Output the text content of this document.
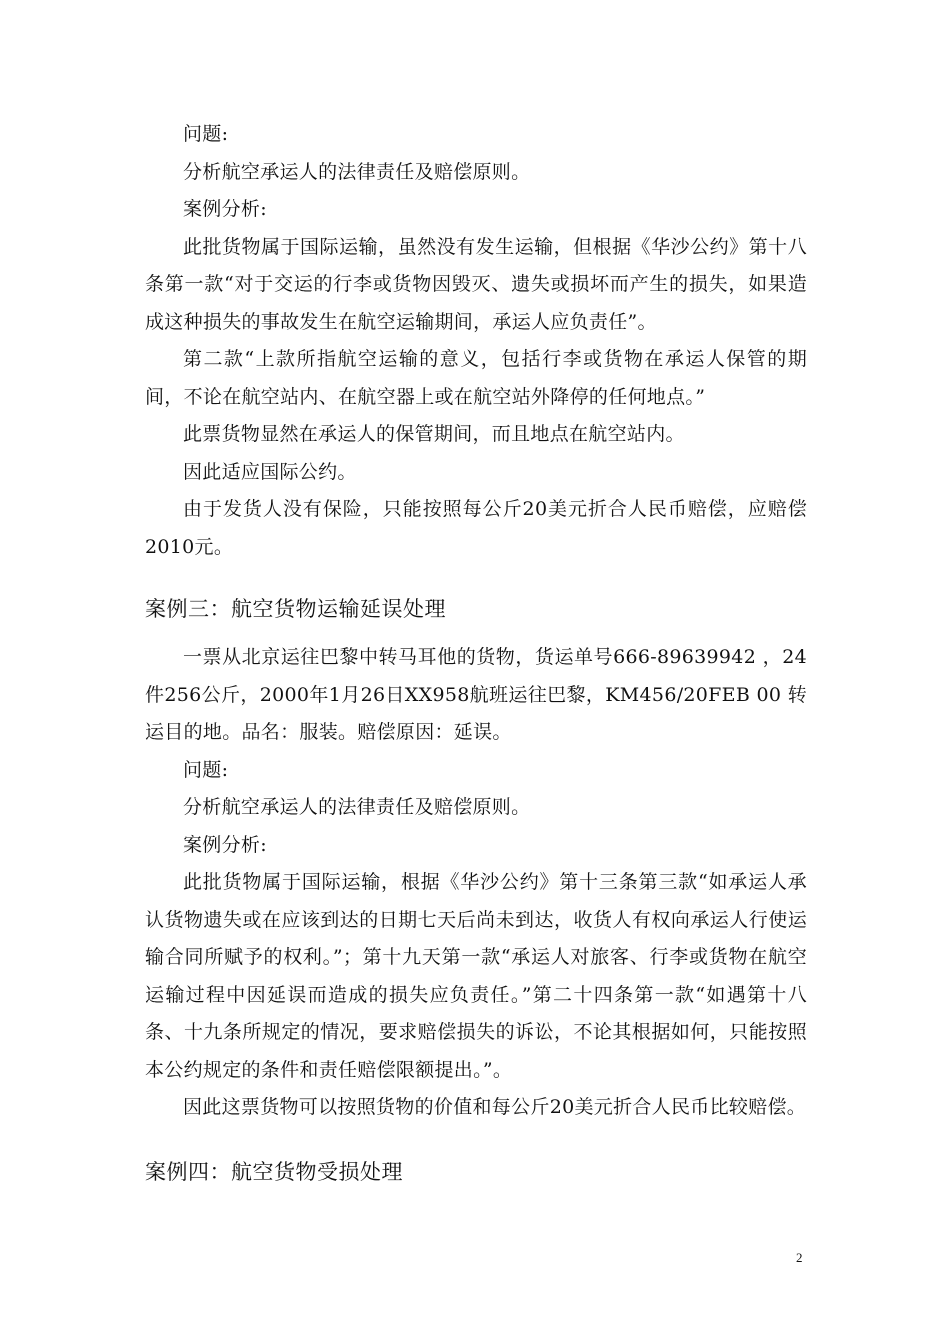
问题:

分析航空承运人的法律责任及赔偿原则。

案例分析:

此批货物属于国际运输，虽然没有发生运输，但根据《华沙公约》第十八条第一款“对于交运的行李或货物因毁灭、遗失或损坏而产生的损失，如果造成这种损失的事故发生在航空运输期间，承运人应负责任”。

第二款“上款所指航空运输的意义，包括行李或货物在承运人保管的期间，不论在航空站内、在航空器上或在航空站外降停的任何地点。”

此票货物显然在承运人的保管期间，而且地点在航空站内。

因此适应国际公约。

由于发货人没有保险，只能按照每公斤20美元折合人民币赔偿，应赔偿2010元。

案例三：航空货物运输延误处理

一票从北京运往巴黎中转马耳他的货物，货运单号666-89639942 ，24件256公斤，2000年1月26日XX958航班运往巴黎，KM456/20FEB 00 转运目的地。品名：服装。赔偿原因：延误。

问题:

分析航空承运人的法律责任及赔偿原则。

案例分析:

此批货物属于国际运输，根据《华沙公约》第十三条第三款“如承运人承认货物遗失或在应该到达的日期七天后尚未到达，收货人有权向承运人行使运输合同所赋予的权利。”；第十九天第一款“承运人对旅客、行李或货物在航空运输过程中因延误而造成的损失应负责任。”第二十四条第一款“如遇第十八条、十九条所规定的情况，要求赔偿损失的诉讼，不论其根据如何，只能按照本公约规定的条件和责任赔偿限额提出。”。

因此这票货物可以按照货物的价值和每公斤20美元折合人民币比较赔偿。

案例四：航空货物受损处理
2
